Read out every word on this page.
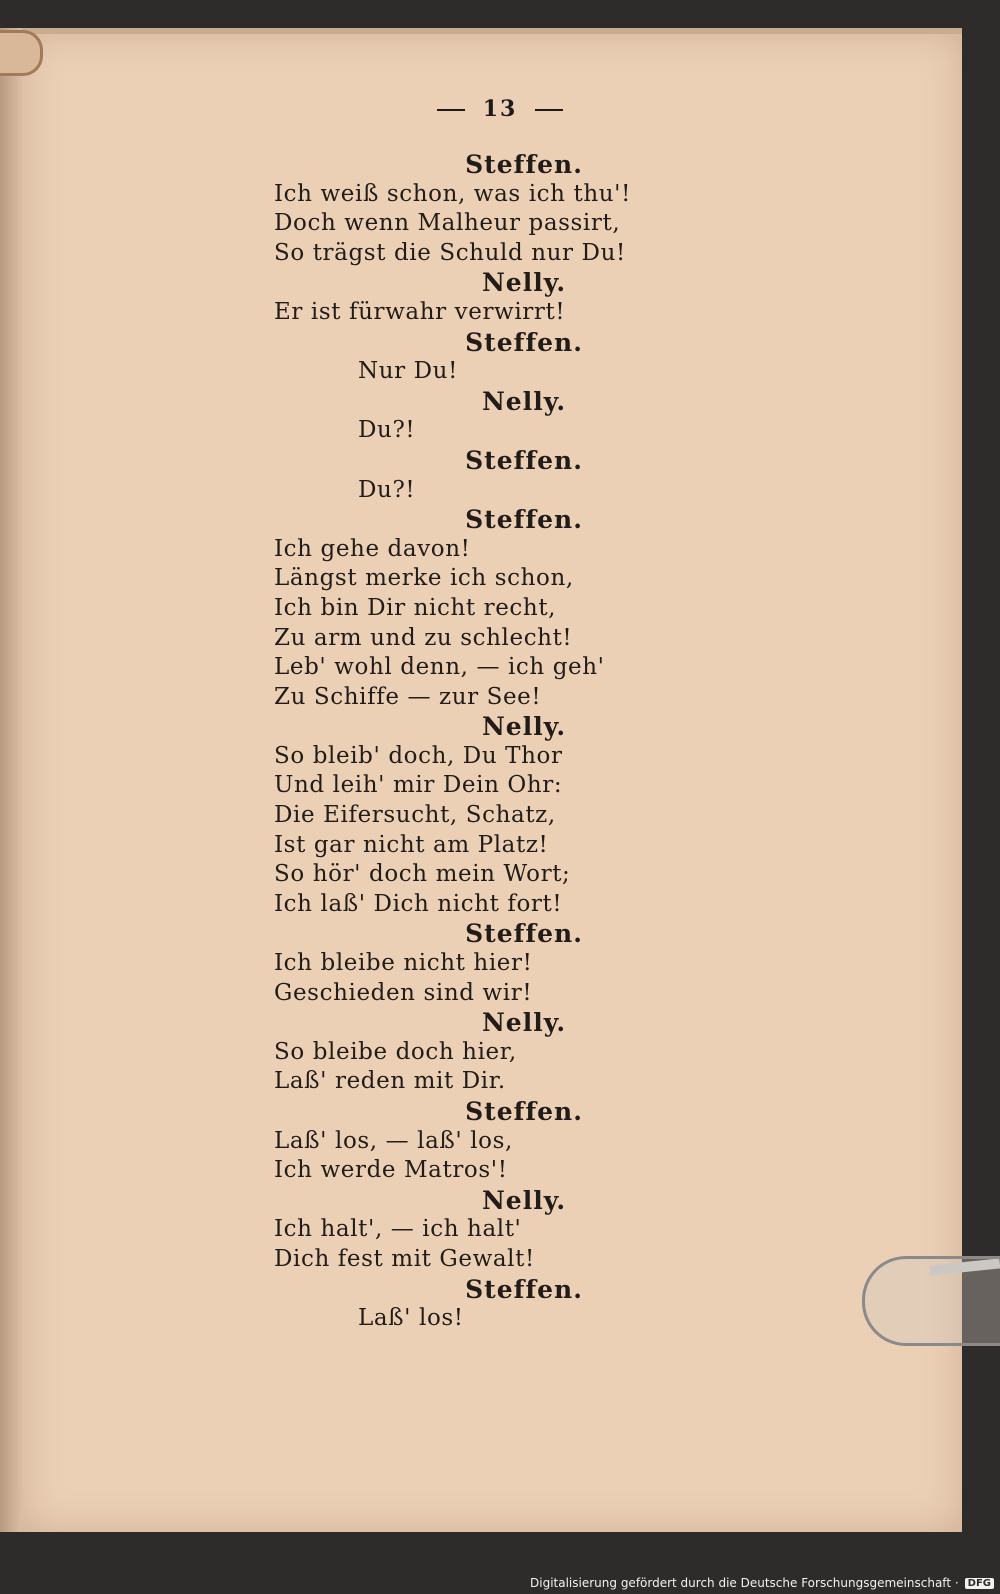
13
Steffen.
Ich weiß schon, was ich thu'!
Doch wenn Malheur passirt,
So trägst die Schuld nur Du!
Nelly.
Er ist fürwahr verwirrt!
Steffen.
Nur Du!
Nelly.
Du?!
Steffen.
Du?!
Steffen.
Ich gehe davon!
Längst merke ich schon,
Ich bin Dir nicht recht,
Zu arm und zu schlecht!
Leb' wohl denn, — ich geh'
Zu Schiffe — zur See!
Nelly.
So bleib' doch, Du Thor
Und leih' mir Dein Ohr:
Die Eifersucht, Schatz,
Ist gar nicht am Platz!
So hör' doch mein Wort;
Ich laß' Dich nicht fort!
Steffen.
Ich bleibe nicht hier!
Geschieden sind wir!
Nelly.
So bleibe doch hier,
Laß' reden mit Dir.
Steffen.
Laß' los, — laß' los,
Ich werde Matros'!
Nelly.
Ich halt', — ich halt'
Dich fest mit Gewalt!
Steffen.
Laß' los!
Digitalisierung gefördert durch die Deutsche Forschungsgemeinschaft · DFG
